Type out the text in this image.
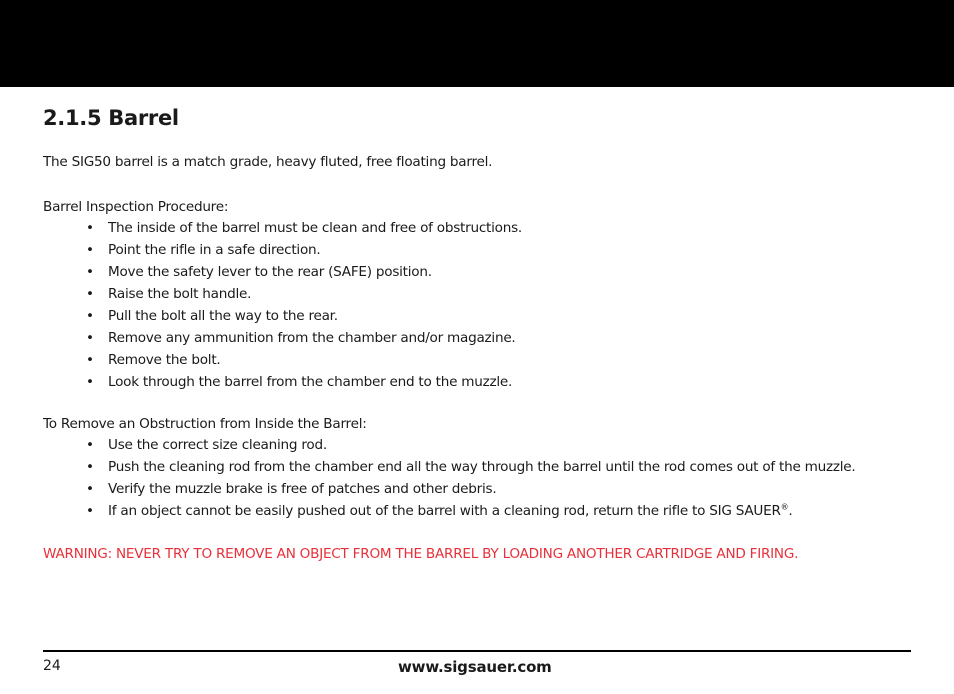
2.1.5 Barrel

The SIG50 barrel is a match grade, heavy fluted, free floating barrel.

Barrel Inspection Procedure:

• The inside of the barrel must be clean and free of obstructions.
• Point the rifle in a safe direction.
• Move the safety lever to the rear (SAFE) position.
• Raise the bolt handle.
• Pull the bolt all the way to the rear.
• Remove any ammunition from the chamber and/or magazine.
• Remove the bolt.
• Look through the barrel from the chamber end to the muzzle.

To Remove an Obstruction from Inside the Barrel:

• Use the correct size cleaning rod.
• Push the cleaning rod from the chamber end all the way through the barrel until the rod comes out of the muzzle.
• Verify the muzzle brake is free of patches and other debris.
• If an object cannot be easily pushed out of the barrel with a cleaning rod, return the rifle to SIG SAUER®.

WARNING: NEVER TRY TO REMOVE AN OBJECT FROM THE BARREL BY LOADING ANOTHER CARTRIDGE AND FIRING.

24	www.sigsauer.com
